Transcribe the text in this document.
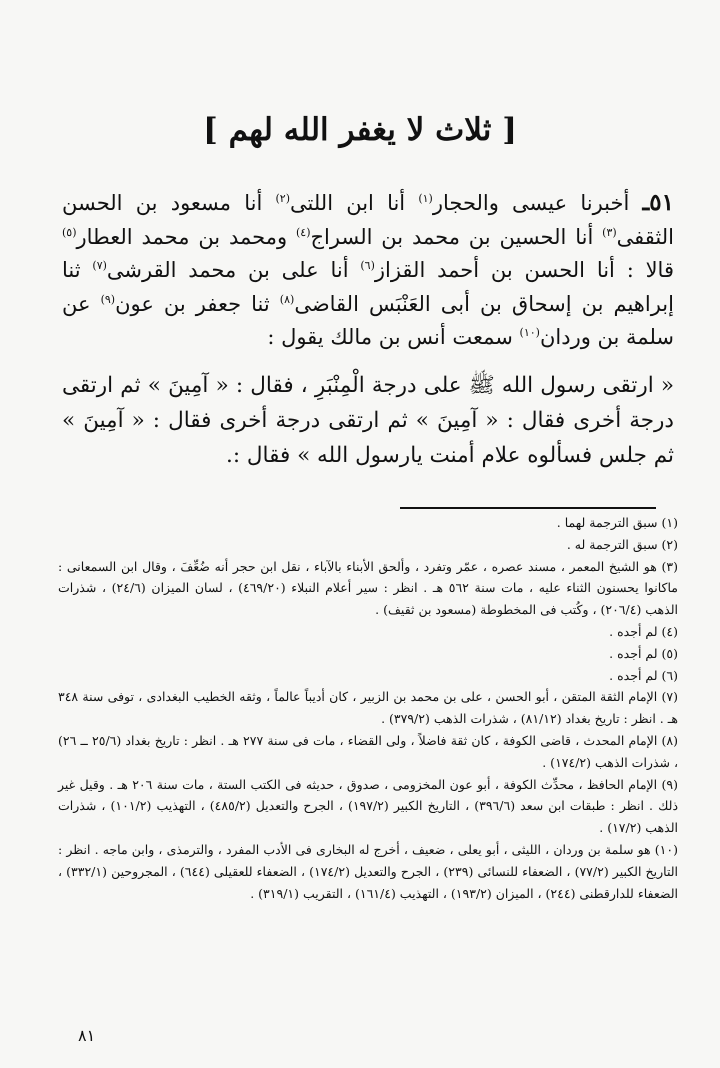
[ ثلاث لا يغفر الله لهم ]

٥١ـ أخبرنا عيسى والحجار$^{(١)}$ أنا ابن اللتى$^{(٢)}$ أنا مسعود بن الحسن الثقفى$^{(٣)}$ أنا الحسين بن محمد بن السراج$^{(٤)}$ ومحمد بن محمد العطار$^{(٥)}$ قالا : أنا الحسن بن أحمد القزاز$^{(٦)}$ أنا على بن محمد القرشى$^{(٧)}$ ثنا إبراهيم بن إسحاق بن أبى العَنْبَس القاضى$^{(٨)}$ ثنا جعفر بن عون$^{(٩)}$ عن سلمة بن وردان$^{(١٠)}$ سمعت أنس بن مالك يقول :

« ارتقى رسول الله ﷺ على درجة الْمِنْبَرِ ، فقال : « آمِينَ » ثم ارتقى درجة أخرى فقال : « آمِينَ » ثم ارتقى درجة أخرى فقال : « آمِينَ » ثم جلس فسألوه علام أمنت يارسول الله » فقال :.

(١) سبق الترجمة لهما .

(٢) سبق الترجمة له .

(٣) هو الشيخ المعمر ، مسند عصره ، عمّر وتفرد ، وألحق الأبناء بالآباء ، نقل ابن حجر أنه ضُعِّفَ ، وقال ابن السمعانى : ماكانوا يحسنون الثناء عليه ، مات سنة ٥٦٢ هـ . انظر : سير أعلام النبلاء (٤٦٩/٢٠) ، لسان الميزان (٢٤/٦) ، شذرات الذهب (٢٠٦/٤) ، وكُتب فى المخطوطة (مسعود بن ثقيف) .

(٤) لم أجده .

(٥) لم أجده .

(٦) لم أجده .

(٧) الإمام الثقة المتقن ، أبو الحسن ، على بن محمد بن الزبير ، كان أديباً عالماً ، وثقه الخطيب البغدادى ، توفى سنة ٣٤٨ هـ . انظر : تاريخ بغداد (٨١/١٢) ، شذرات الذهب (٣٧٩/٢) .

(٨) الإمام المحدث ، قاضى الكوفة ، كان ثقة فاضلاً ، ولى القضاء ، مات فى سنة ٢٧٧ هـ . انظر : تاريخ بغداد (٢٥/٦ ــ ٢٦) ، شذرات الذهب (١٧٤/٢) .

(٩) الإمام الحافظ ، محدِّث الكوفة ، أبو عون المخزومى ، صدوق ، حديثه فى الكتب الستة ، مات سنة ٢٠٦ هـ . وقيل غير ذلك . انظر : طبقات ابن سعد (٣٩٦/٦) ، التاريخ الكبير (١٩٧/٢) ، الجرح والتعديل (٤٨٥/٢) ، التهذيب (١٠١/٢) ، شذرات الذهب (١٧/٢) .

(١٠) هو سلمة بن وردان ، الليثى ، أبو يعلى ، ضعيف ، أخرج له البخارى فى الأدب المفرد ، والترمذى ، وابن ماجه . انظر : التاريخ الكبير (٧٧/٢) ، الضعفاء للنسائى (٢٣٩) ، الجرح والتعديل (١٧٤/٢) ، الضعفاء للعقيلى (٦٤٤) ، المجروحين (٣٣٢/١) ، الضعفاء للدارقطنى (٢٤٤) ، الميزان (١٩٣/٢) ، التهذيب (١٦١/٤) ، التقريب (٣١٩/١) .

٨١
